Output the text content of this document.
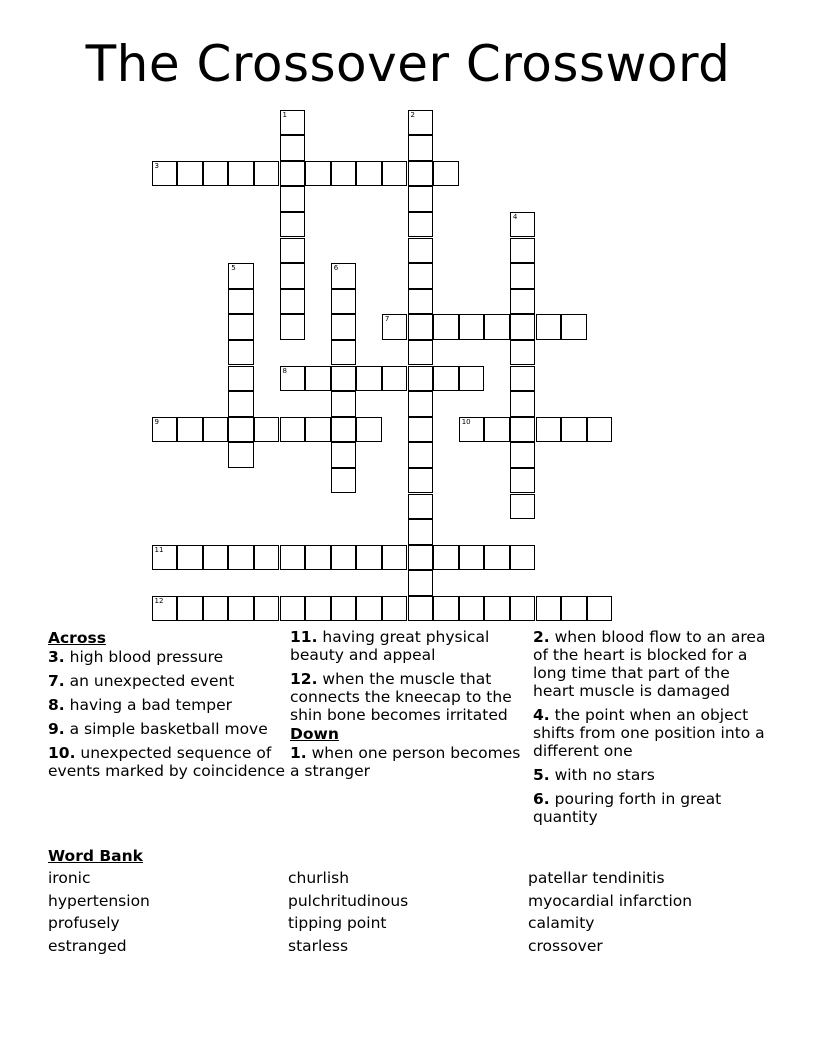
The Crossover Crossword
1	2
3
4
5	6
7
8
9	10
11
12
Across
3. high blood pressure
7. an unexpected event
8. having a bad temper
9. a simple basketball move
10. unexpected sequence of events marked by coincidence
11. having great physical beauty and appeal
12. when the muscle that connects the kneecap to the shin bone becomes irritated
Down
1. when one person becomes a stranger
2. when blood flow to an area of the heart is blocked for a long time that part of the heart muscle is damaged
4. the point when an object shifts from one position into a different one
5. with no stars
6. pouring forth in great quantity
Word Bank
ironic
hypertension
profusely
estranged
churlish
pulchritudinous
tipping point
starless
patellar tendinitis
myocardial infarction
calamity
crossover
